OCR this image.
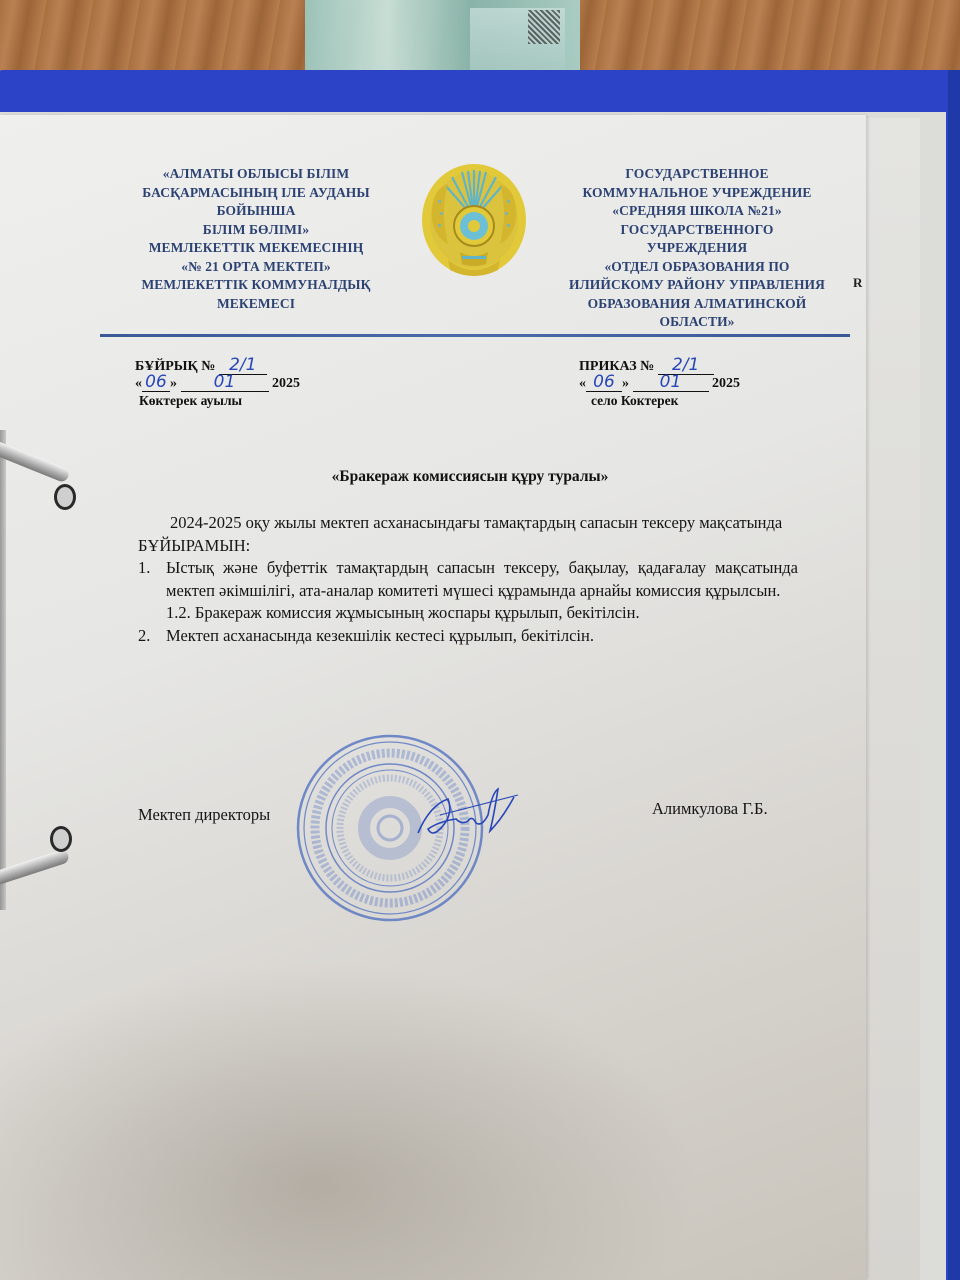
«АЛМАТЫ ОБЛЫСЫ БІЛІМ
БАСҚАРМАСЫНЫҢ ІЛЕ АУДАНЫ
БОЙЫНША
БІЛІМ БӨЛІМІ»
МЕМЛЕКЕТТІК МЕКЕМЕСІНІҢ
«№ 21 ОРТА МЕКТЕП»
МЕМЛЕКЕТТІК КОММУНАЛДЫҚ
МЕКЕМЕСІ
ГОСУДАРСТВЕННОЕ
КОММУНАЛЬНОЕ УЧРЕЖДЕНИЕ
«СРЕДНЯЯ ШКОЛА №21»
ГОСУДАРСТВЕННОГО
УЧРЕЖДЕНИЯ
«ОТДЕЛ ОБРАЗОВАНИЯ ПО
ИЛИЙСКОМУ РАЙОНУ УПРАВЛЕНИЯ
ОБРАЗОВАНИЯ АЛМАТИНСКОЙ
ОБЛАСТИ»
Я
БҰЙРЫҚ № 2/1
« 06 » 01	2025
Көктерек ауылы
ПРИКАЗ № 2/1
« 06 » 01 2025
село Коктерек
«Бракераж комиссиясын құру туралы»

2024-2025 оқу жылы мектеп асханасындағы тамақтардың сапасын тексеру мақсатында БҰЙЫРАМЫН:

1. Ыстық және буфеттік тамақтардың сапасын тексеру, бақылау, қадағалау мақсатында мектеп әкімшілігі, ата-аналар комитеті мүшесі құрамында арнайы комиссия құрылсын.
1.2. Бракераж комиссия жұмысының жоспары құрылып, бекітілсін.
2. Мектеп асханасында кезекшілік кестесі құрылып, бекітілсін.
Мектеп директоры	Алимкулова Г.Б.
